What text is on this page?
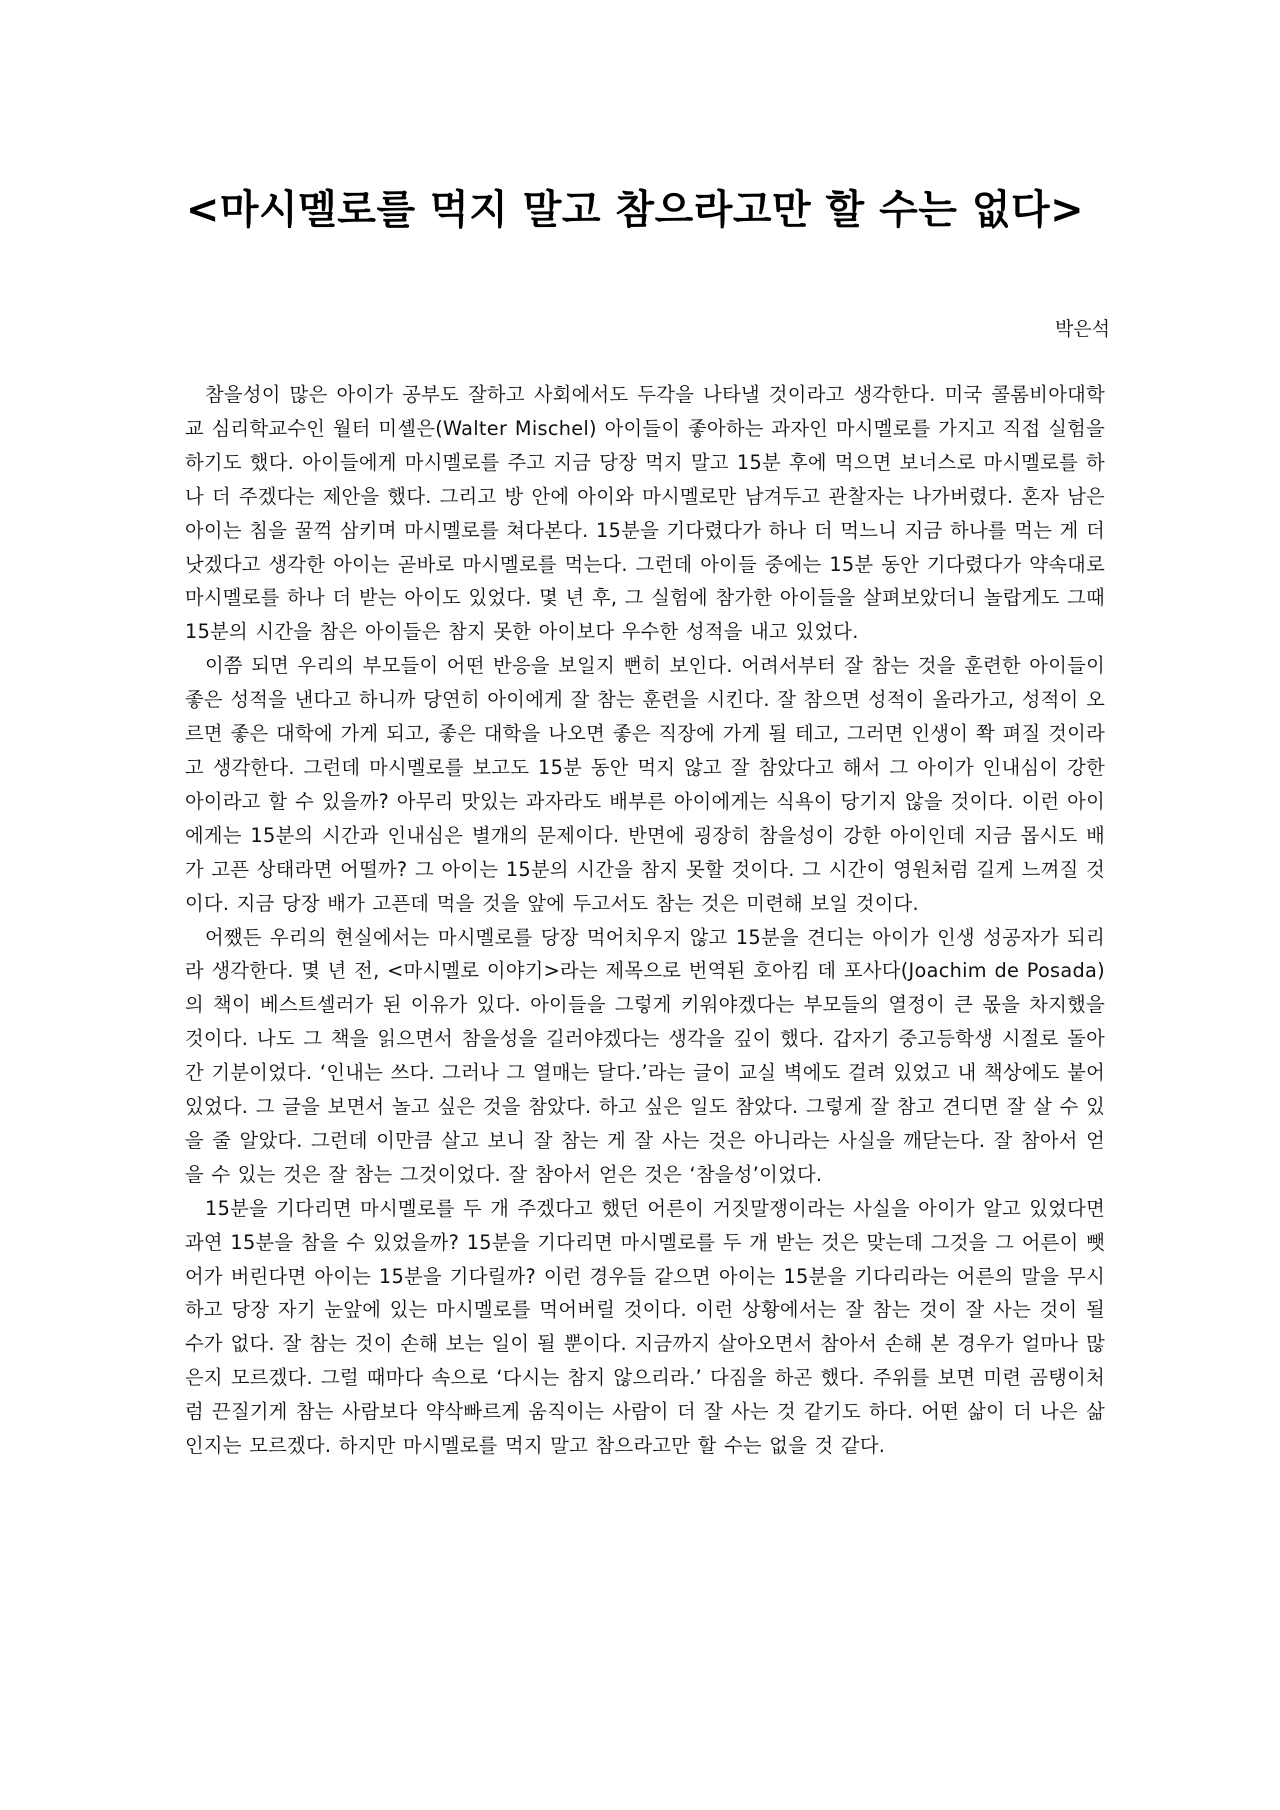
<마시멜로를 먹지 말고 참으라고만 할 수는 없다>

박은석

참을성이 많은 아이가 공부도 잘하고 사회에서도 두각을 나타낼 것이라고 생각한다. 미국 콜롬비아대학교 심리학교수인 월터 미셸은(Walter Mischel) 아이들이 좋아하는 과자인 마시멜로를 가지고 직접 실험을 하기도 했다. 아이들에게 마시멜로를 주고 지금 당장 먹지 말고 15분 후에 먹으면 보너스로 마시멜로를 하나 더 주겠다는 제안을 했다. 그리고 방 안에 아이와 마시멜로만 남겨두고 관찰자는 나가버렸다. 혼자 남은 아이는 침을 꿀꺽 삼키며 마시멜로를 쳐다본다. 15분을 기다렸다가 하나 더 먹느니 지금 하나를 먹는 게 더 낫겠다고 생각한 아이는 곧바로 마시멜로를 먹는다. 그런데 아이들 중에는 15분 동안 기다렸다가 약속대로 마시멜로를 하나 더 받는 아이도 있었다. 몇 년 후, 그 실험에 참가한 아이들을 살펴보았더니 놀랍게도 그때 15분의 시간을 참은 아이들은 참지 못한 아이보다 우수한 성적을 내고 있었다.

이쯤 되면 우리의 부모들이 어떤 반응을 보일지 뻔히 보인다. 어려서부터 잘 참는 것을 훈련한 아이들이 좋은 성적을 낸다고 하니까 당연히 아이에게 잘 참는 훈련을 시킨다. 잘 참으면 성적이 올라가고, 성적이 오르면 좋은 대학에 가게 되고, 좋은 대학을 나오면 좋은 직장에 가게 될 테고, 그러면 인생이 쫙 펴질 것이라고 생각한다. 그런데 마시멜로를 보고도 15분 동안 먹지 않고 잘 참았다고 해서 그 아이가 인내심이 강한 아이라고 할 수 있을까? 아무리 맛있는 과자라도 배부른 아이에게는 식욕이 당기지 않을 것이다. 이런 아이에게는 15분의 시간과 인내심은 별개의 문제이다. 반면에 굉장히 참을성이 강한 아이인데 지금 몹시도 배가 고픈 상태라면 어떨까? 그 아이는 15분의 시간을 참지 못할 것이다. 그 시간이 영원처럼 길게 느껴질 것이다. 지금 당장 배가 고픈데 먹을 것을 앞에 두고서도 참는 것은 미련해 보일 것이다.

어쨌든 우리의 현실에서는 마시멜로를 당장 먹어치우지 않고 15분을 견디는 아이가 인생 성공자가 되리라 생각한다. 몇 년 전, <마시멜로 이야기>라는 제목으로 번역된 호아킴 데 포사다(Joachim de Posada)의 책이 베스트셀러가 된 이유가 있다. 아이들을 그렇게 키워야겠다는 부모들의 열정이 큰 몫을 차지했을 것이다. 나도 그 책을 읽으면서 참을성을 길러야겠다는 생각을 깊이 했다. 갑자기 중고등학생 시절로 돌아간 기분이었다. ‘인내는 쓰다. 그러나 그 열매는 달다.’라는 글이 교실 벽에도 걸려 있었고 내 책상에도 붙어 있었다. 그 글을 보면서 놀고 싶은 것을 참았다. 하고 싶은 일도 참았다. 그렇게 잘 참고 견디면 잘 살 수 있을 줄 알았다. 그런데 이만큼 살고 보니 잘 참는 게 잘 사는 것은 아니라는 사실을 깨닫는다. 잘 참아서 얻을 수 있는 것은 잘 참는 그것이었다. 잘 참아서 얻은 것은 ‘참을성’이었다.

15분을 기다리면 마시멜로를 두 개 주겠다고 했던 어른이 거짓말쟁이라는 사실을 아이가 알고 있었다면 과연 15분을 참을 수 있었을까? 15분을 기다리면 마시멜로를 두 개 받는 것은 맞는데 그것을 그 어른이 뺏어가 버린다면 아이는 15분을 기다릴까? 이런 경우들 같으면 아이는 15분을 기다리라는 어른의 말을 무시하고 당장 자기 눈앞에 있는 마시멜로를 먹어버릴 것이다. 이런 상황에서는 잘 참는 것이 잘 사는 것이 될 수가 없다. 잘 참는 것이 손해 보는 일이 될 뿐이다. 지금까지 살아오면서 참아서 손해 본 경우가 얼마나 많은지 모르겠다. 그럴 때마다 속으로 ‘다시는 참지 않으리라.’ 다짐을 하곤 했다. 주위를 보면 미련 곰탱이처럼 끈질기게 참는 사람보다 약삭빠르게 움직이는 사람이 더 잘 사는 것 같기도 하다. 어떤 삶이 더 나은 삶인지는 모르겠다. 하지만 마시멜로를 먹지 말고 참으라고만 할 수는 없을 것 같다.
